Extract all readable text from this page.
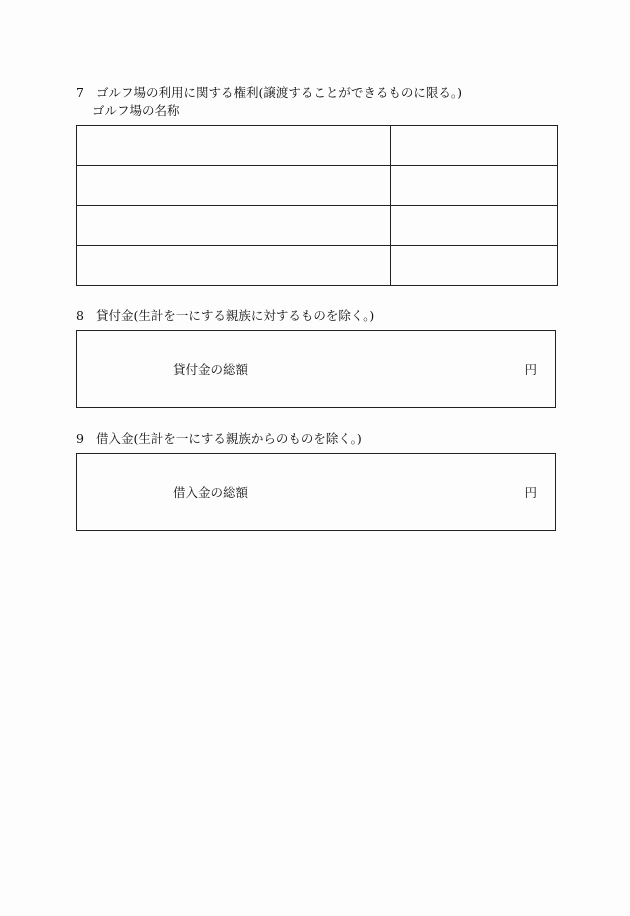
7 ゴルフ場の利用に関する権利(譲渡することができるものに限る。)
ゴルフ場の名称

8 貸付金(生計を一にする親族に対するものを除く。)
貸付金の総額	円
9 借入金(生計を一にする親族からのものを除く。)
借入金の総額	円
